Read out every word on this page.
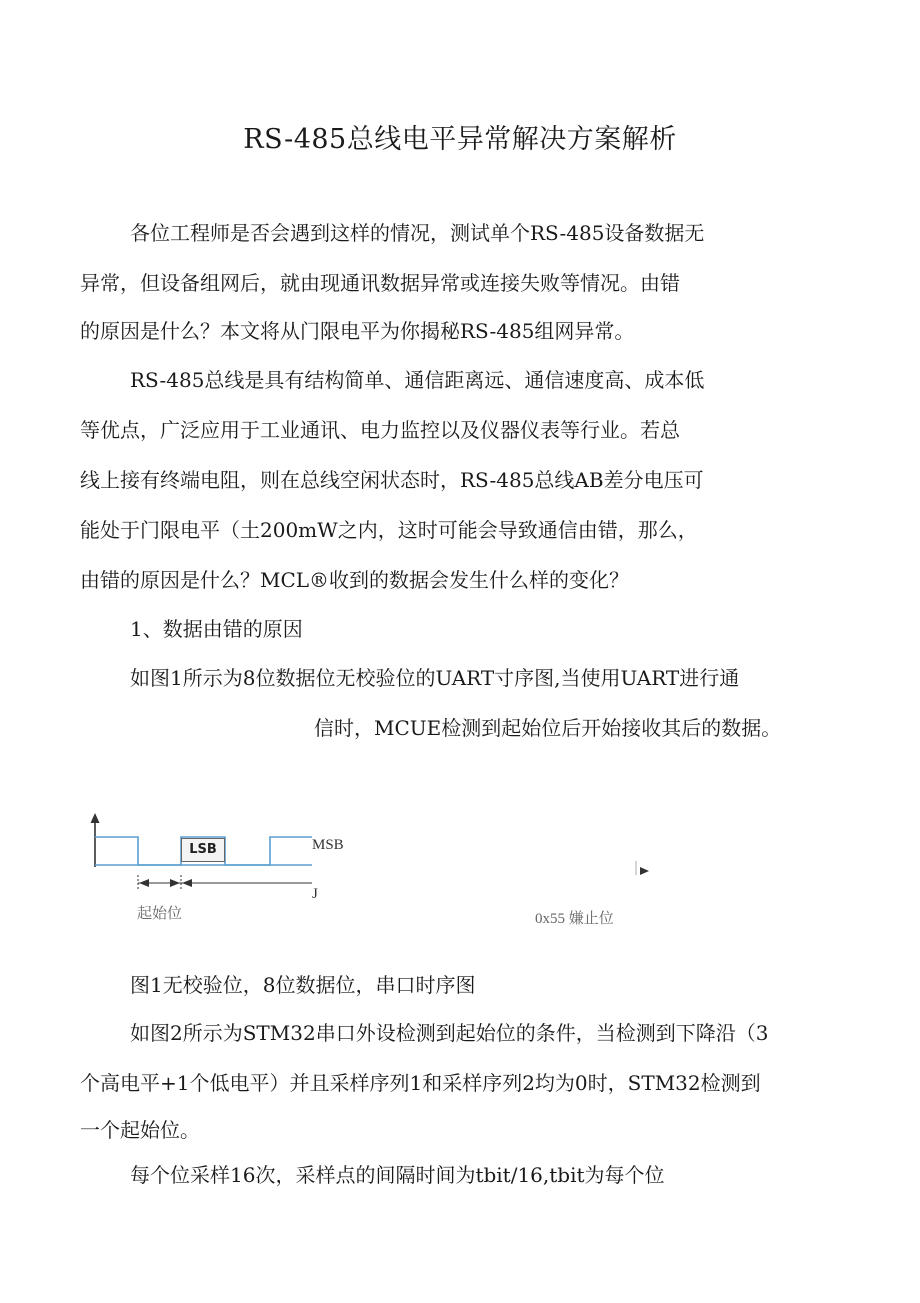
RS-485总线电平异常解决方案解析
各位工程师是否会遇到这样的情况，测试单个RS-485设备数据无
异常，但设备组网后，就由现通讯数据异常或连接失败等情况。由错
的原因是什么？本文将从门限电平为你揭秘RS-485组网异常。
RS-485总线是具有结构简单、通信距离远、通信速度高、成本低
等优点，广泛应用于工业通讯、电力监控以及仪器仪表等行业。若总
线上接有终端电阻，则在总线空闲状态时，RS-485总线AB差分电压可
能处于门限电平（土200mW之内，这时可能会导致通信由错，那么，
由错的原因是什么？MCL®收到的数据会发生什么样的变化？
1、数据由错的原因
如图1所示为8位数据位无校验位的UART寸序图,当使用UART进行通
信时，MCUE检测到起始位后开始接收其后的数据。
LSB	MSB
J
起始位	0x55 嫌止位
图1无校验位，8位数据位，串口时序图
如图2所示为STM32串口外设检测到起始位的条件，当检测到下降沿（3
个高电平+1个低电平）并且采样序列1和采样序列2均为0时，STM32检测到
一个起始位。
每个位采样16次，采样点的间隔时间为tbit/16,tbit为每个位
